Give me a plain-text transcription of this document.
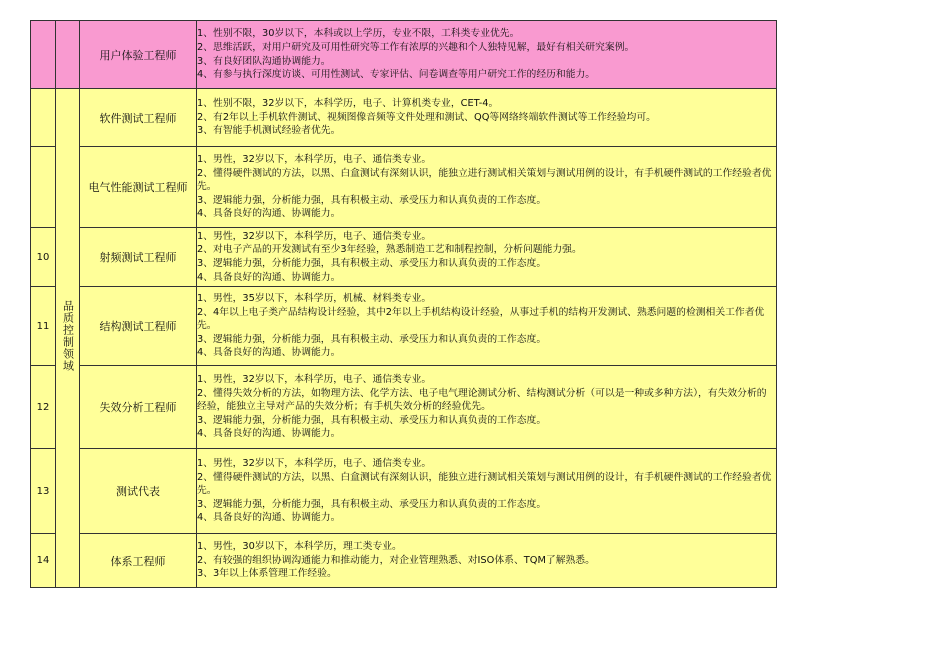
		用户体验工程师	1、性别不限，30岁以下，本科或以上学历，专业不限，工科类专业优先。
2、思维活跃，对用户研究及可用性研究等工作有浓厚的兴趣和个人独特见解，最好有相关研究案例。
3、有良好团队沟通协调能力。
4、有参与执行深度访谈、可用性测试、专家评估、问卷调查等用户研究工作的经历和能力。

	品质控制领域	软件测试工程师	1、性别不限，32岁以下，本科学历，电子、计算机类专业，CET-4。
2、有2年以上手机软件测试、视频图像音频等文件处理和测试、QQ等网络终端软件测试等工作经验均可。
3、有智能手机测试经验者优先。

		电气性能测试工程师	1、男性，32岁以下，本科学历，电子、通信类专业。
2、懂得硬件测试的方法，以黑、白盒测试有深刻认识，能独立进行测试相关策划与测试用例的设计，有手机硬件测试的工作经验者优先。
3、逻辑能力强，分析能力强，具有积极主动、承受压力和认真负责的工作态度。
4、具备良好的沟通、协调能力。

10		射频测试工程师	1、男性，32岁以下，本科学历，电子、通信类专业。
2、对电子产品的开发测试有至少3年经验，熟悉制造工艺和制程控制，分析问题能力强。
3、逻辑能力强，分析能力强，具有积极主动、承受压力和认真负责的工作态度。
4、具备良好的沟通、协调能力。

11		结构测试工程师	1、男性，35岁以下，本科学历，机械、材料类专业。
2、4年以上电子类产品结构设计经验，其中2年以上手机结构设计经验，从事过手机的结构开发测试、熟悉问题的检测相关工作者优先。
3、逻辑能力强，分析能力强，具有积极主动、承受压力和认真负责的工作态度。
4、具备良好的沟通、协调能力。

12		失效分析工程师	1、男性，32岁以下，本科学历，电子、通信类专业。
2、懂得失效分析的方法，如物理方法、化学方法、电子电气理论测试分析、结构测试分析（可以是一种或多种方法），有失效分析的经验，能独立主导对产品的失效分析；有手机失效分析的经验优先。
3、逻辑能力强，分析能力强，具有积极主动、承受压力和认真负责的工作态度。
4、具备良好的沟通、协调能力。

13		测试代表	1、男性，32岁以下，本科学历，电子、通信类专业。
2、懂得硬件测试的方法，以黑、白盒测试有深刻认识，能独立进行测试相关策划与测试用例的设计，有手机硬件测试的工作经验者优先。
3、逻辑能力强，分析能力强，具有积极主动、承受压力和认真负责的工作态度。
4、具备良好的沟通、协调能力。

14		体系工程师	1、男性，30岁以下，本科学历，理工类专业。
2、有较强的组织协调沟通能力和推动能力，对企业管理熟悉、对ISO体系、TQM了解熟悉。
3、3年以上体系管理工作经验。
